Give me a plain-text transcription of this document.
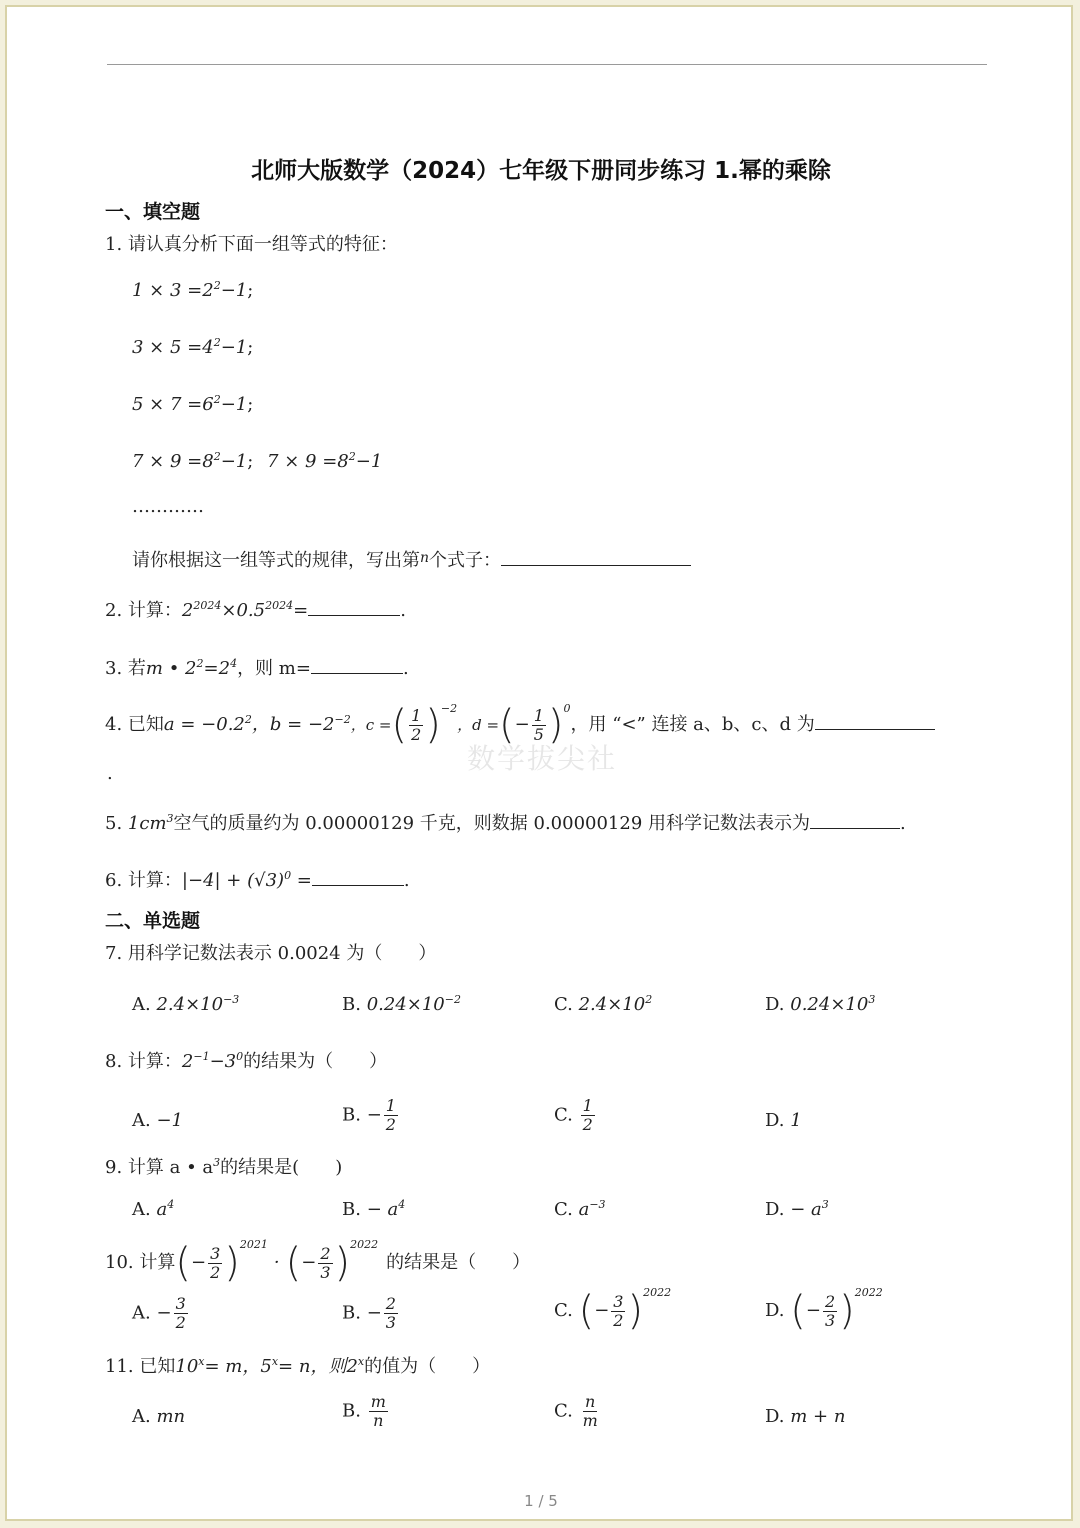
北师大版数学（2024）七年级下册同步练习 1.幂的乘除
一、填空题
1. 请认真分析下面一组等式的特征：
$1 \times 3 =2^2-1$;
$3 \times 5 =4^2-1$;
$5 \times 7 =6^2-1$;
$7 \times 9 =8^2-1$; $7 \times 9 =8^2-1$
…………
请你根据这一组等式的规律，写出第$^n$个式子：
2. 计算：$2^{2024}\times 0.5^{2024}=$	.
3. 若m • $2^2=2^4$，则 m=	.
4. 已知$a = -0.2^2$，$b = -2^{-2}$，c =( $\frac{1}{2} )^{-2}$，d =(− $\frac{1}{5} )^0$，用 “<” 连接 a、b、c、d 为
.	数学拔尖社
5. $1cm^3$空气的质量约为 0.00000129 千克，则数据 0.00000129 用科学记数法表示为	.
6. 计算：$|-4| + (√3)^0$ =	.
二、单选题
7. 用科学记数法表示 0.0024 为（　　）
A. $2.4\times 10^{-3}$	B. $0.24\times 10^{-2}$	C. $2.4\times 10^2$	D. $0.24\times 10^3$
8. 计算：$2^{-1}-3^0$的结果为（　　）
A. −1	B. − $\frac{1}{2}$	C. $\frac{1}{2}$	D. 1
9. 计算 a • $a^3$的结果是(　　)
A. $a^4$	B. − $a^4$	C. $a^{-3}$	D. − $a^3$
10. 计算(− $\frac{3}{2} )^{2021}\cdot$ (− $\frac{2}{3} )^{2022}$的结果是（　　）
A. − $\frac{3}{2}$	B. − $\frac{2}{3}$	C. (− $\frac{3}{2} )^{2022}$
D. (− $\frac{2}{3} )^{2022}$
11. 已知$10^x= m$，$5^x= n$，则2$^x$的值为（　　）
A. mn	B. $\frac{m}{n}$	C. $\frac{n}{m}$	D. m + n
1 / 5
